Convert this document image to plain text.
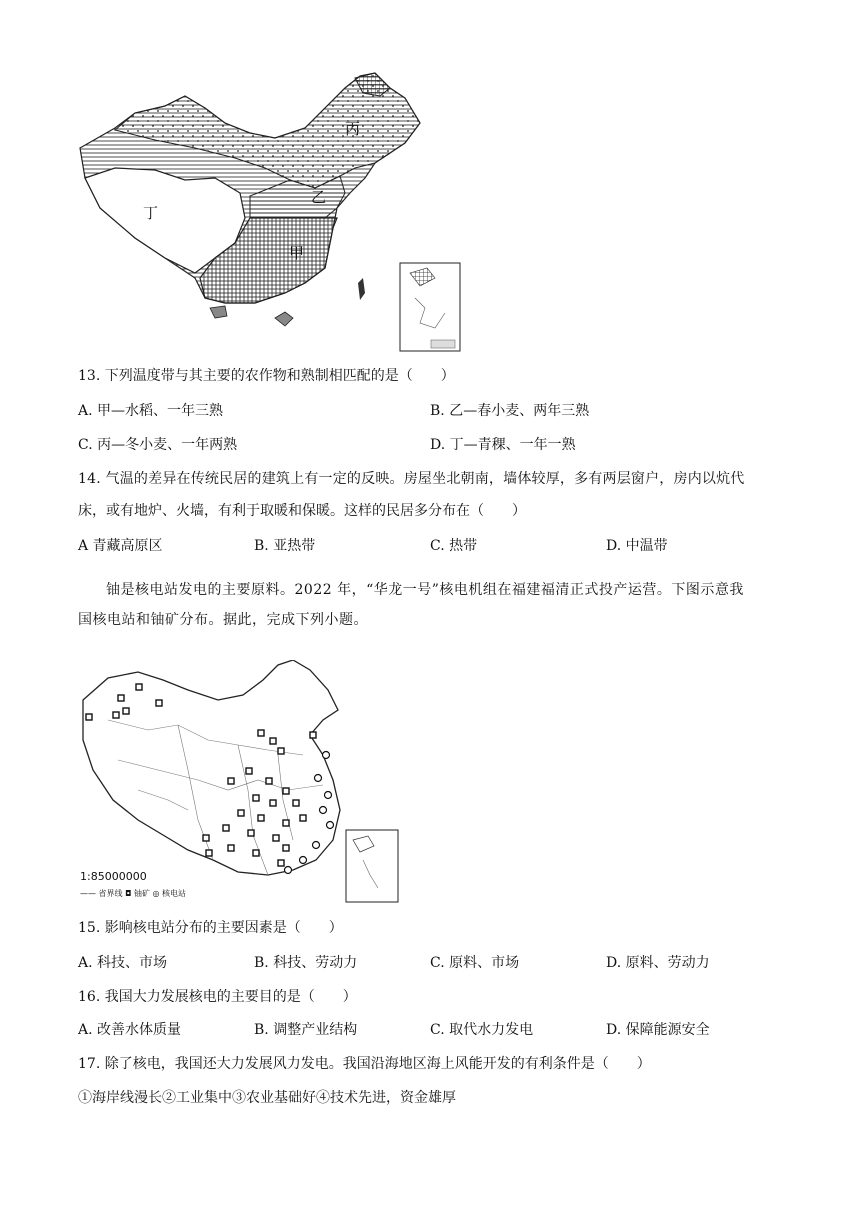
丙
乙
丁
甲
13. 下列温度带与其主要的农作物和熟制相匹配的是（　　）
A. 甲—水稻、一年三熟	B. 乙—春小麦、两年三熟
C. 丙—冬小麦、一年两熟	D. 丁—青稞、一年一熟
14. 气温的差异在传统民居的建筑上有一定的反映。房屋坐北朝南，墙体较厚，多有两层窗户，房内以炕代
床，或有地炉、火墙，有利于取暖和保暖。这样的民居多分布在（　　）
A 青藏高原区	B. 亚热带	C. 热带	D. 中温带

铀是核电站发电的主要原料。2022 年，“华龙一号”核电机组在福建福清正式投产运营。下图示意我

国核电站和铀矿分布。据此，完成下列小题。

1:85000000
—— 省界线 ◘ 铀矿 ◎ 核电站
15. 影响核电站分布的主要因素是（　　）
A. 科技、市场	B. 科技、劳动力	C. 原料、市场	D. 原料、劳动力
16. 我国大力发展核电的主要目的是（　　）
A. 改善水体质量	B. 调整产业结构	C. 取代水力发电	D. 保障能源安全
17. 除了核电，我国还大力发展风力发电。我国沿海地区海上风能开发的有利条件是（　　）
①海岸线漫长②工业集中③农业基础好④技术先进，资金雄厚
